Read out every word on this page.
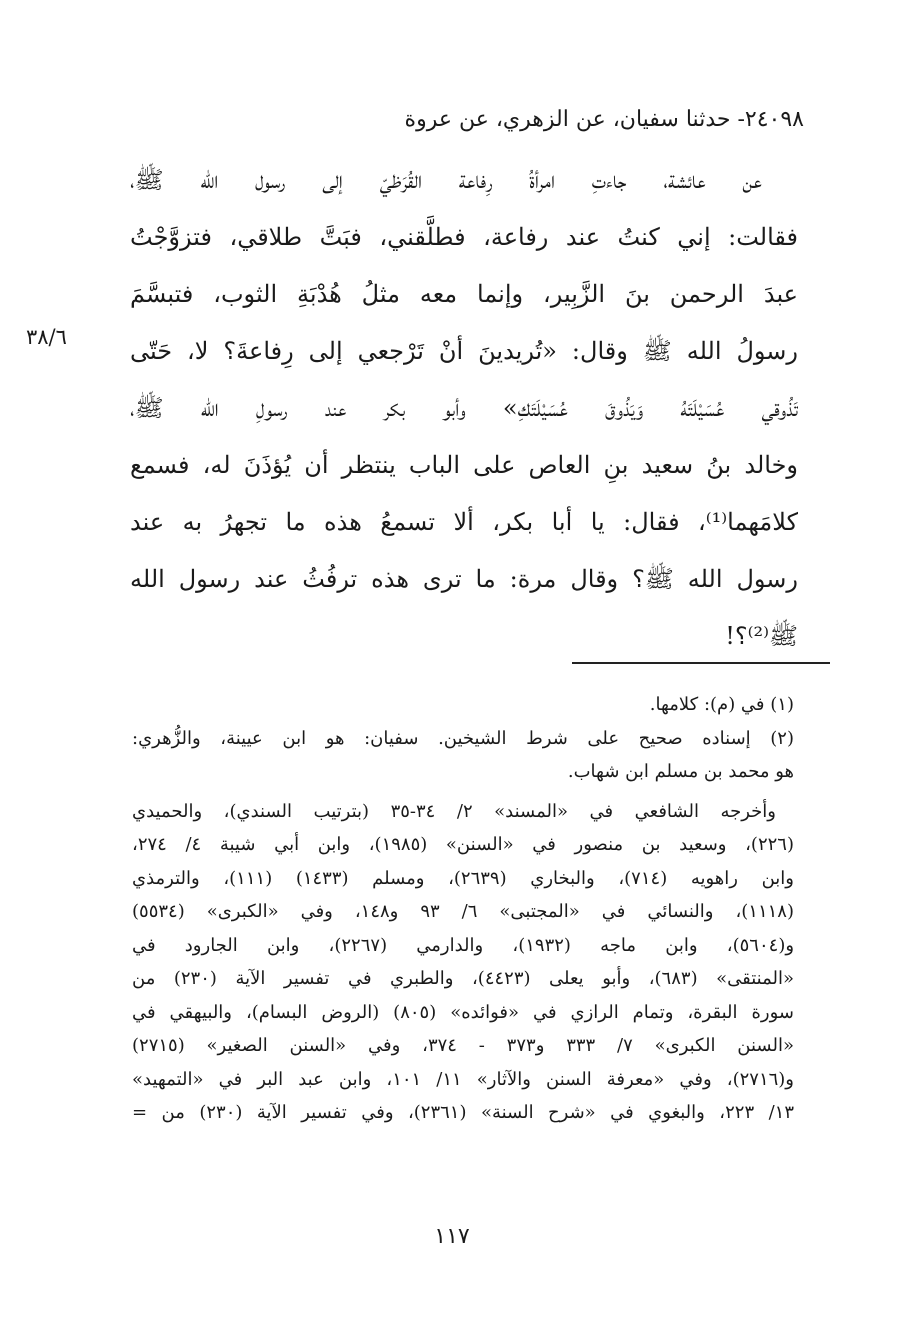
٢٤٠٩٨- حدثنا سفيان، عن الزهري، عن عروة
عن عائشة، جاءتِ امرأةُ رِفاعة القُرَظيّ إلى رسول الله ﷺ،
فقالت: إني كنتُ عند رفاعة، فطلَّقني، فبَتَّ طلاقي، فتزوَّجْتُ
عبدَ الرحمن بنَ الزَّبِير، وإنما معه مثلُ هُدْبَةِ الثوب، فتبسَّمَ
رسولُ الله ﷺ وقال: «تُريدينَ أنْ تَرْجعي إلى رِفاعةَ؟ لا، حَتّى
تَذُوقي عُسَيْلَتَهُ وَيَذُوقَ عُسَيْلَتَكِ» وأبو بكر عند رسولِ الله ﷺ،
وخالد بنُ سعيد بنِ العاص على الباب ينتظر أن يُؤذَنَ له، فسمع
كلامَهما⁽¹⁾، فقال: يا أبا بكر، ألا تسمعُ هذه ما تجهرُ به عند
رسول الله ﷺ؟ وقال مرة: ما ترى هذه ترفُثُ عند رسول الله
ﷺ⁽²⁾؟!
٣٨/٦
(١) في (م): كلامها.
(٢) إسناده صحيح على شرط الشيخين. سفيان: هو ابن عيينة، والزُّهري:
هو محمد بن مسلم ابن شهاب.
وأخرجه الشافعي في «المسند» ٢/ ٣٤-٣٥ (بترتيب السندي)، والحميدي
(٢٢٦)، وسعيد بن منصور في «السنن» (١٩٨٥)، وابن أبي شيبة ٤/ ٢٧٤،
وابن راهويه (٧١٤)، والبخاري (٢٦٣٩)، ومسلم (١٤٣٣) (١١١)، والترمذي
(١١١٨)، والنسائي في «المجتبى» ٦/ ٩٣ و١٤٨، وفي «الكبرى» (٥٥٣٤)
و(٥٦٠٤)، وابن ماجه (١٩٣٢)، والدارمي (٢٢٦٧)، وابن الجارود في
«المنتقى» (٦٨٣)، وأبو يعلى (٤٤٢٣)، والطبري في تفسير الآية (٢٣٠) من
سورة البقرة، وتمام الرازي في «فوائده» (٨٠٥) (الروض البسام)، والبيهقي في
«السنن الكبرى» ٧/ ٣٣٣ و٣٧٣ - ٣٧٤، وفي «السنن الصغير» (٢٧١٥)
و(٢٧١٦)، وفي «معرفة السنن والآثار» ١١/ ١٠١، وابن عبد البر في «التمهيد»
١٣/ ٢٢٣، والبغوي في «شرح السنة» (٢٣٦١)، وفي تفسير الآية (٢٣٠) من =
١١٧
